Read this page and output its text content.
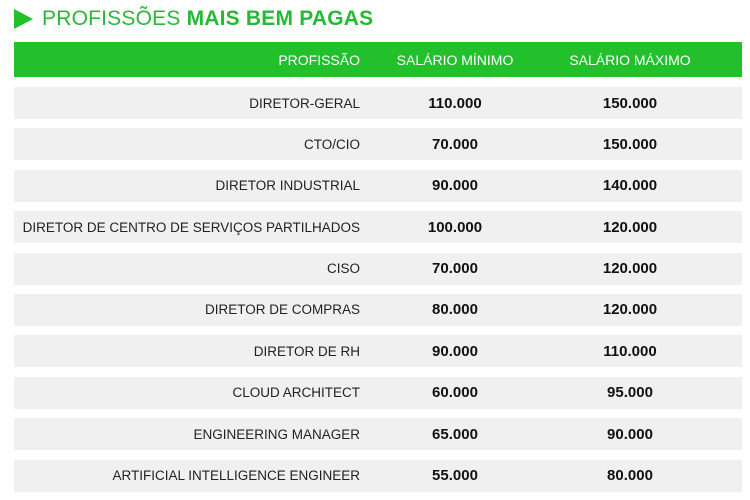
PROFISSÕES MAIS BEM PAGAS
PROFISSÃO	SALÁRIO MÍNIMO	SALÁRIO MÁXIMO
DIRETOR-GERAL	110.000	150.000
CTO/CIO	70.000	150.000
DIRETOR INDUSTRIAL	90.000	140.000
DIRETOR DE CENTRO DE SERVIÇOS PARTILHADOS	100.000	120.000
CISO	70.000	120.000
DIRETOR DE COMPRAS	80.000	120.000
DIRETOR DE RH	90.000	110.000
CLOUD ARCHITECT	60.000	95.000
ENGINEERING MANAGER	65.000	90.000
ARTIFICIAL INTELLIGENCE ENGINEER	55.000	80.000
